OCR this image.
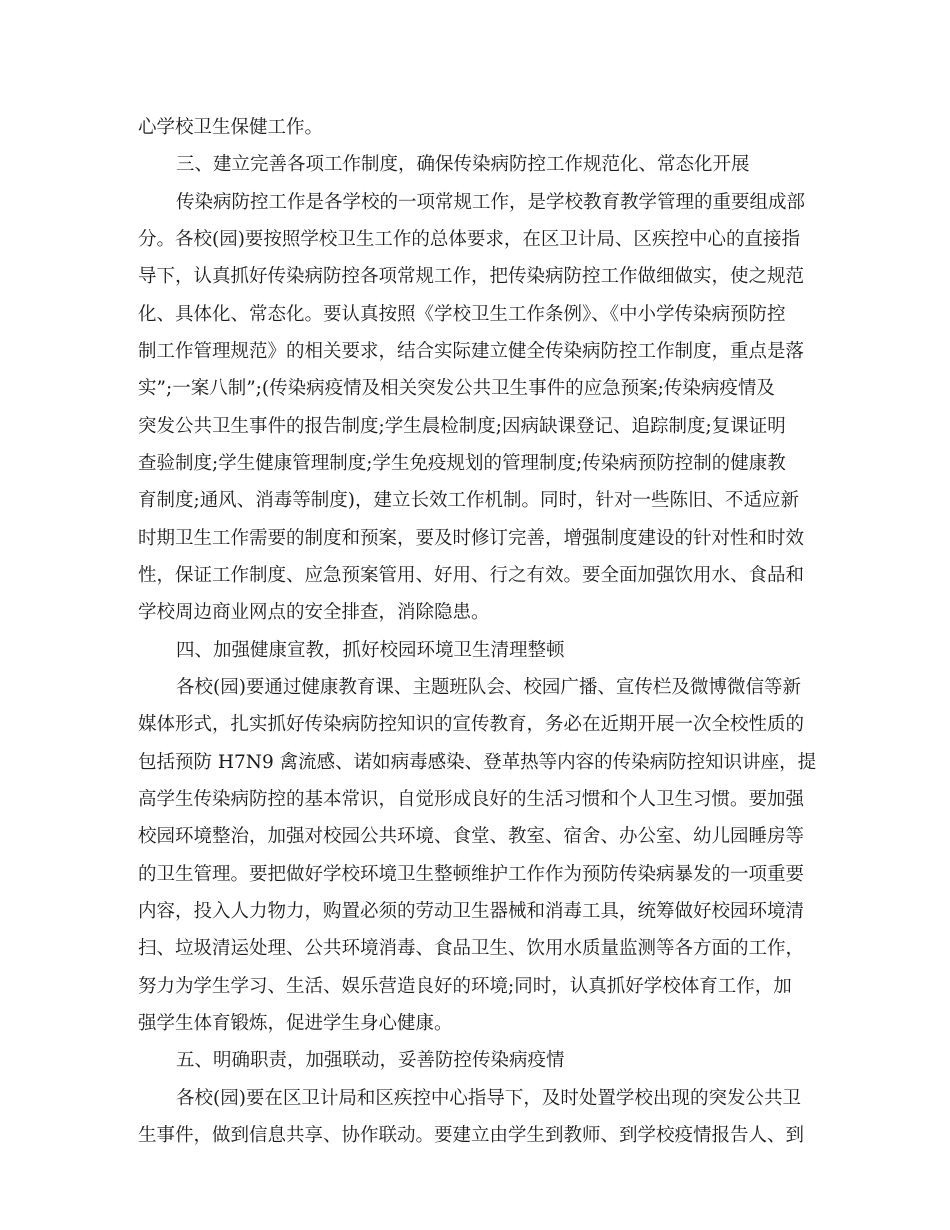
心学校卫生保健工作。
三、建立完善各项工作制度，确保传染病防控工作规范化、常态化开展
传染病防控工作是各学校的一项常规工作，是学校教育教学管理的重要组成部
分。各校(园)要按照学校卫生工作的总体要求，在区卫计局、区疾控中心的直接指
导下，认真抓好传染病防控各项常规工作，把传染病防控工作做细做实，使之规范
化、具体化、常态化。要认真按照《学校卫生工作条例》、《中小学传染病预防控
制工作管理规范》的相关要求，结合实际建立健全传染病防控工作制度，重点是落
实”;一案八制”;(传染病疫情及相关突发公共卫生事件的应急预案;传染病疫情及
突发公共卫生事件的报告制度;学生晨检制度;因病缺课登记、追踪制度;复课证明
查验制度;学生健康管理制度;学生免疫规划的管理制度;传染病预防控制的健康教
育制度;通风、消毒等制度)，建立长效工作机制。同时，针对一些陈旧、不适应新
时期卫生工作需要的制度和预案，要及时修订完善，增强制度建设的针对性和时效
性，保证工作制度、应急预案管用、好用、行之有效。要全面加强饮用水、食品和
学校周边商业网点的安全排查，消除隐患。
四、加强健康宣教，抓好校园环境卫生清理整顿
各校(园)要通过健康教育课、主题班队会、校园广播、宣传栏及微博微信等新
媒体形式，扎实抓好传染病防控知识的宣传教育，务必在近期开展一次全校性质的
包括预防 H7N9 禽流感、诺如病毒感染、登革热等内容的传染病防控知识讲座，提
高学生传染病防控的基本常识，自觉形成良好的生活习惯和个人卫生习惯。要加强
校园环境整治，加强对校园公共环境、食堂、教室、宿舍、办公室、幼儿园睡房等
的卫生管理。要把做好学校环境卫生整顿维护工作作为预防传染病暴发的一项重要
内容，投入人力物力，购置必须的劳动卫生器械和消毒工具，统筹做好校园环境清
扫、垃圾清运处理、公共环境消毒、食品卫生、饮用水质量监测等各方面的工作，
努力为学生学习、生活、娱乐营造良好的环境;同时，认真抓好学校体育工作，加
强学生体育锻炼，促进学生身心健康。
五、明确职责，加强联动，妥善防控传染病疫情
各校(园)要在区卫计局和区疾控中心指导下，及时处置学校出现的突发公共卫
生事件，做到信息共享、协作联动。要建立由学生到教师、到学校疫情报告人、到
